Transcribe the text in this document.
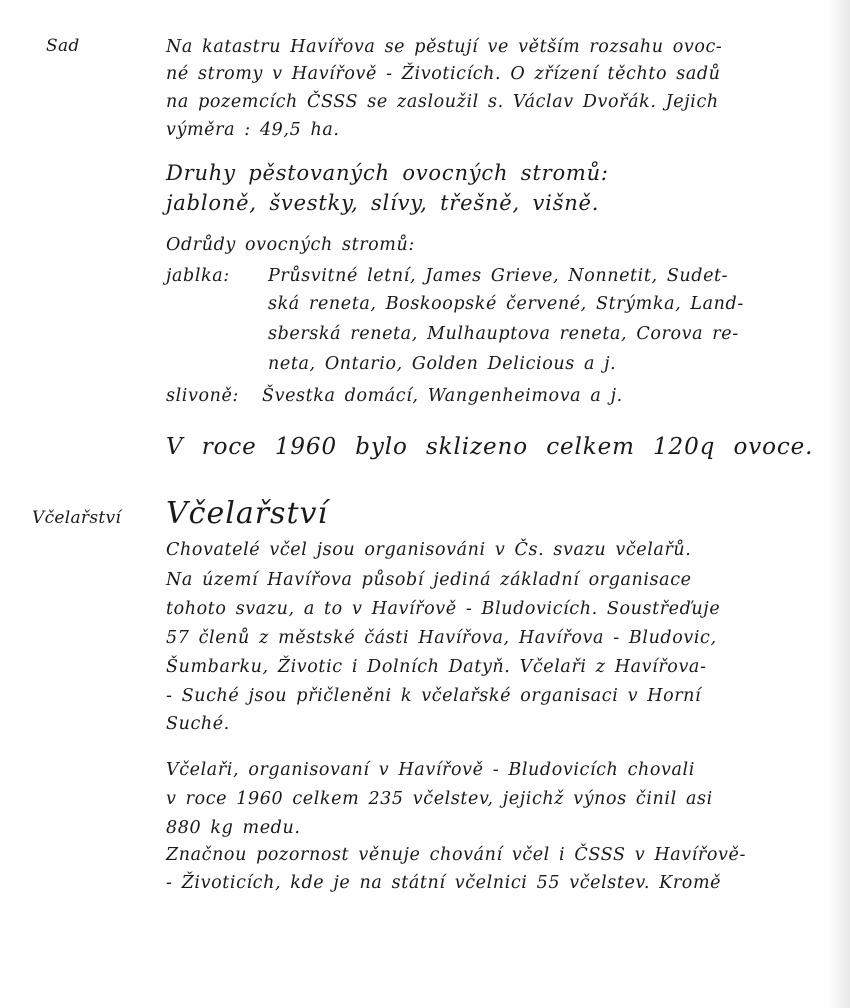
Sad	Na katastru Havířova se pěstují ve větším rozsahu ovoc-
né stromy v Havířově - Životicích. O zřízení těchto sadů
na pozemcích ČSSS se zasloužil s. Václav Dvořák. Jejich
výměra : 49,5 ha.
Druhy pěstovaných ovocných stromů:
jabloně, švestky, slívy, třešně, višně.
Odrůdy ovocných stromů:
jablka: Průsvitné letní, James Grieve, Nonnetit, Sudet-
ská reneta, Boskoopské červené, Strýmka, Land-
sberská reneta, Mulhauptova reneta, Corova re-
neta, Ontario, Golden Delicious a j.
slivoně: Švestka domácí, Wangenheimova a j.
V roce 1960 bylo sklizeno celkem 120q ovoce.
Včelařství Včelařství
Chovatelé včel jsou organisováni v Čs. svazu včelařů.
Na území Havířova působí jediná základní organisace
tohoto svazu, a to v Havířově - Bludovicích. Soustřeďuje
57 členů z městské části Havířova, Havířova - Bludovic,
Šumbarku, Životic i Dolních Datyň. Včelaři z Havířova-
- Suché jsou přičleněni k včelařské organisaci v Horní
Suché.
Včelaři, organisovaní v Havířově - Bludovicích chovali
v roce 1960 celkem 235 včelstev, jejichž výnos činil asi
880 kg medu.
Značnou pozornost věnuje chování včel i ČSSS v Havířově-
- Životicích, kde je na státní včelnici 55 včelstev. Kromě
